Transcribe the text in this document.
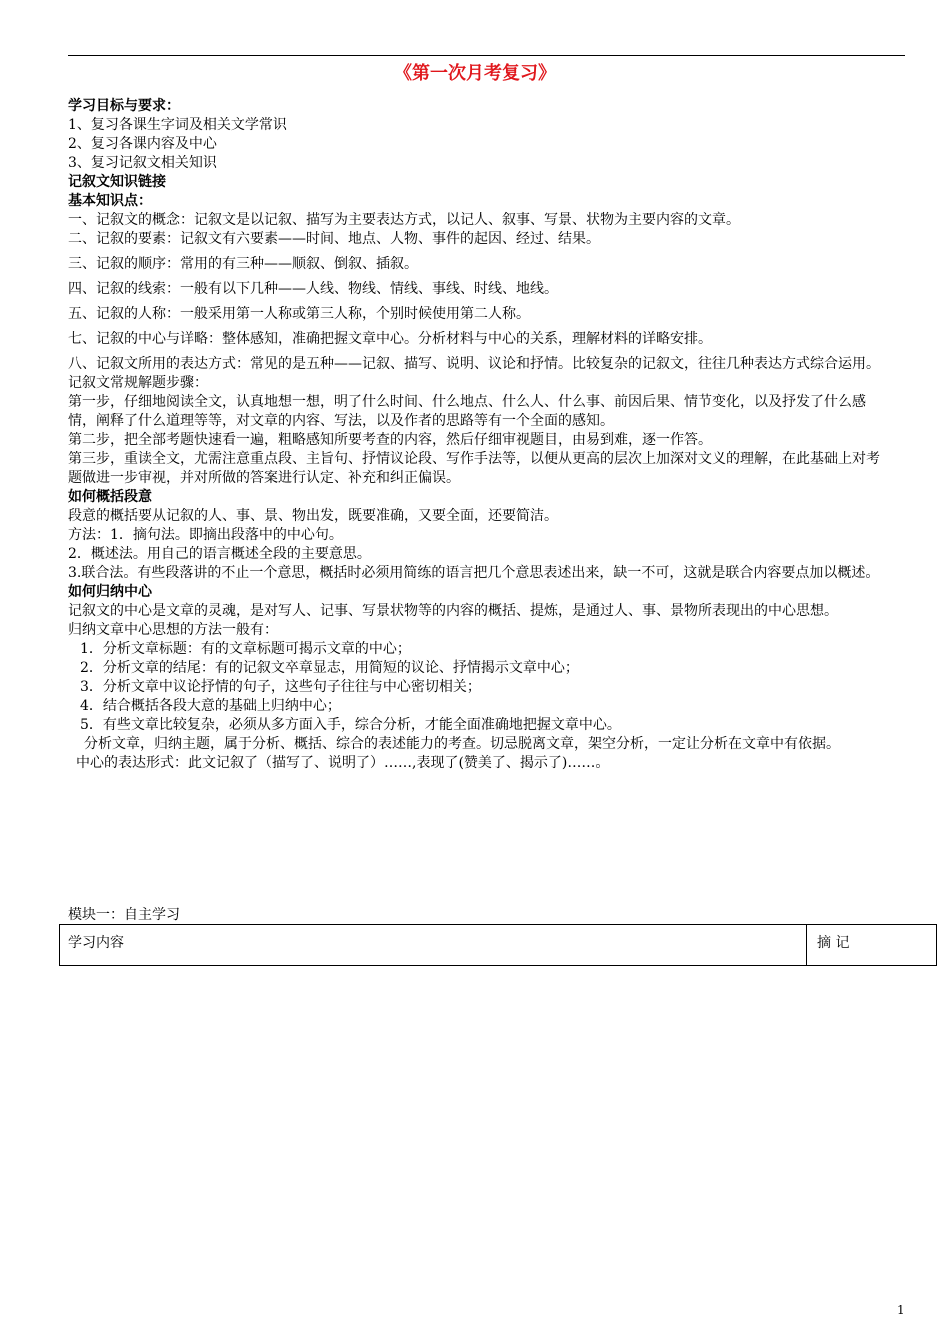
《第一次月考复习》

学习目标与要求：

1、复习各课生字词及相关文学常识

2、复习各课内容及中心

3、复习记叙文相关知识

记叙文知识链接

基本知识点：

一、记叙文的概念：记叙文是以记叙、描写为主要表达方式，以记人、叙事、写景、状物为主要内容的文章。

二、记叙的要素：记叙文有六要素——时间、地点、人物、事件的起因、经过、结果。

三、记叙的顺序：常用的有三种——顺叙、倒叙、插叙。

四、记叙的线索：一般有以下几种——人线、物线、情线、事线、时线、地线。

五、记叙的人称：一般采用第一人称或第三人称，个别时候使用第二人称。

七、记叙的中心与详略：整体感知，准确把握文章中心。分析材料与中心的关系，理解材料的详略安排。

八、记叙文所用的表达方式：常见的是五种——记叙、描写、说明、议论和抒情。比较复杂的记叙文，往往几种表达方式综合运用。

记叙文常规解题步骤：

第一步，仔细地阅读全文，认真地想一想，明了什么时间、什么地点、什么人、什么事、前因后果、情节变化，以及抒发了什么感情，阐释了什么道理等等，对文章的内容、写法，以及作者的思路等有一个全面的感知。

第二步，把全部考题快速看一遍，粗略感知所要考查的内容，然后仔细审视题目，由易到难，逐一作答。

第三步，重读全文，尤需注意重点段、主旨句、抒情议论段、写作手法等，以便从更高的层次上加深对文义的理解，在此基础上对考题做进一步审视，并对所做的答案进行认定、补充和纠正偏误。

如何概括段意

段意的概括要从记叙的人、事、景、物出发，既要准确，又要全面，还要简洁。

方法：1．摘句法。即摘出段落中的中心句。

2．概述法。用自己的语言概述全段的主要意思。

3.联合法。有些段落讲的不止一个意思，概括时必须用简练的语言把几个意思表述出来，缺一不可，这就是联合内容要点加以概述。

如何归纳中心

记叙文的中心是文章的灵魂，是对写人、记事、写景状物等的内容的概括、提炼，是通过人、事、景物所表现出的中心思想。

归纳文章中心思想的方法一般有：

1．分析文章标题：有的文章标题可揭示文章的中心；

2．分析文章的结尾：有的记叙文卒章显志，用简短的议论、抒情揭示文章中心；

3．分析文章中议论抒情的句子，这些句子往往与中心密切相关；

4．结合概括各段大意的基础上归纳中心；

5．有些文章比较复杂，必须从多方面入手，综合分析，才能全面准确地把握文章中心。

分析文章，归纳主题，属于分析、概括、综合的表述能力的考查。切忌脱离文章，架空分析，一定让分析在文章中有依据。

中心的表达形式：此文记叙了（描写了、说明了）……,表现了(赞美了、揭示了)……。

模块一：自主学习
学习内容	摘 记
1
